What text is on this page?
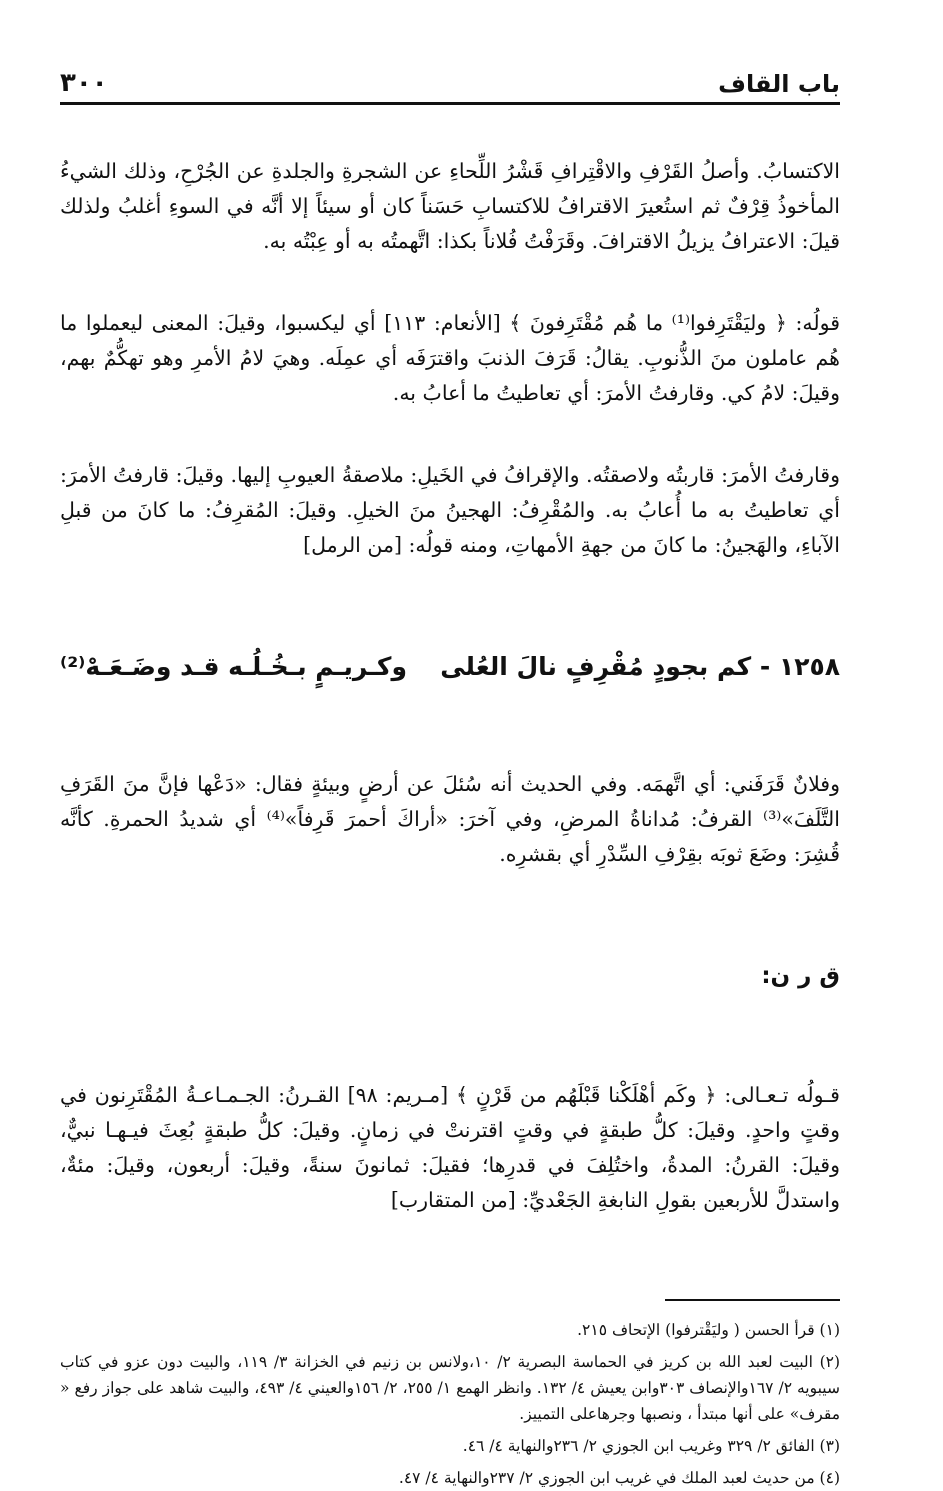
باب القاف
٣٠٠

الاكتسابُ. وأصلُ القَرْفِ والاقْتِرافِ قَشْرُ اللِّحاءِ عن الشجرةِ والجلدةِ عن الجُرْحِ، وذلك الشيءُ المأخوذُ قِرْفٌ ثم استُعيرَ الاقترافُ للاكتسابِ حَسَناً كان أو سيئاً إلا أنَّه في السوءِ أغلبُ ولذلك قيلَ: الاعترافُ يزيلُ الاقترافَ. وقَرَفْتُ فُلاناً بكذا: اتَّهمتُه به أو عِبْتُه به.

قولُه: ﴿ وليَقْتَرِفوا⁽¹⁾ ما هُم مُقْتَرِفونَ ﴾ [الأنعام: ١١٣] أي ليكسبوا، وقيلَ: المعنى ليعملوا ما هُم عاملون منَ الذُّنوبِ. يقالُ: قَرَفَ الذنبَ واقترَفَه أي عمِلَه. وهيَ لامُ الأمرِ وهو تهكُّمٌ بهم، وقيلَ: لامُ كي. وقارفتُ الأمرَ: أي تعاطيتُ ما أعابُ به.

وقارفتُ الأمرَ: قاربتُه ولاصقتُه. والإقرافُ في الخَيلِ: ملاصقةُ العيوبِ إليها. وقيلَ: قارفتُ الأمرَ: أي تعاطيتُ به ما أُعابُ به. والمُقْرِفُ: الهجينُ منَ الخيلِ. وقيلَ: المُقرِفُ: ما كانَ من قبلِ الآباءِ، والهَجينُ: ما كانَ من جهةِ الأمهاتِ، ومنه قولُه: [من الرمل]

١٢٥٨ - كم بجودٍ مُقْرِفٍ نالَ العُلى
وكـريـمٍ بـخُـلُـه قـد وضَـعَـهْ⁽²⁾

وفلانٌ قَرَفَني: أي اتَّهمَه. وفي الحديث أنه سُئلَ عن أرضٍ وبيئةٍ فقال: «دَعْها فإنَّ منَ القَرَفِ التَّلَفَ»⁽³⁾ القرفُ: مُداناةُ المرضِ، وفي آخرَ: «أراكَ أحمرَ قَرِفاً»⁽⁴⁾ أي شديدُ الحمرةِ. كأنَّه قُشِرَ: وضَعَ ثوبَه بقِرْفِ السِّدْرِ أي بقشرِه.

ق ر ن:

قـولُه تـعـالى: ﴿ وكَم أهْلَكْنا قَبْلَهُم من قَرْنٍ ﴾ [مـريم: ٩٨] القـرنُ: الجـمـاعـةُ المُقْتَرِنون في وقتٍ واحدٍ. وقيلَ: كلُّ طبقةٍ في وقتٍ اقترنتْ في زمانٍ. وقيلَ: كلُّ طبقةٍ بُعِثَ فيـهـا نبيٌّ، وقيلَ: القرنُ: المدةُ، واختُلِفَ في قدرِها؛ فقيلَ: ثمانونَ سنةً، وقيلَ: أربعون، وقيلَ: مئةٌ، واستدلَّ للأربعين بقولِ النابغةِ الجَعْديِّ: [من المتقارب]

(١) قرأ الحسن ( وليَقْترفوا) الإتحاف ٢١٥.

(٢) البيت لعبد الله بن كريز في الحماسة البصرية ٢/ ١٠،ولانس بن زنيم في الخزانة ٣/ ١١٩، والبيت دون عزو في كتاب سيبويه ٢/ ١٦٧والإنصاف ٣٠٣وابن يعيش ٤/ ١٣٢. وانظر الهمع ١/ ٢٥٥، ٢/ ١٥٦والعيني ٤/ ٤٩٣، والبيت شاهد على جواز رفع « مقرف» على أنها مبتدأ ، ونصبها وجرهاعلى التمييز.

(٣) الفائق ٢/ ٣٢٩ وغريب ابن الجوزي ٢/ ٢٣٦والنهاية ٤/ ٤٦.

(٤) من حديث لعبد الملك في غريب ابن الجوزي ٢/ ٢٣٧والنهاية ٤/ ٤٧.
